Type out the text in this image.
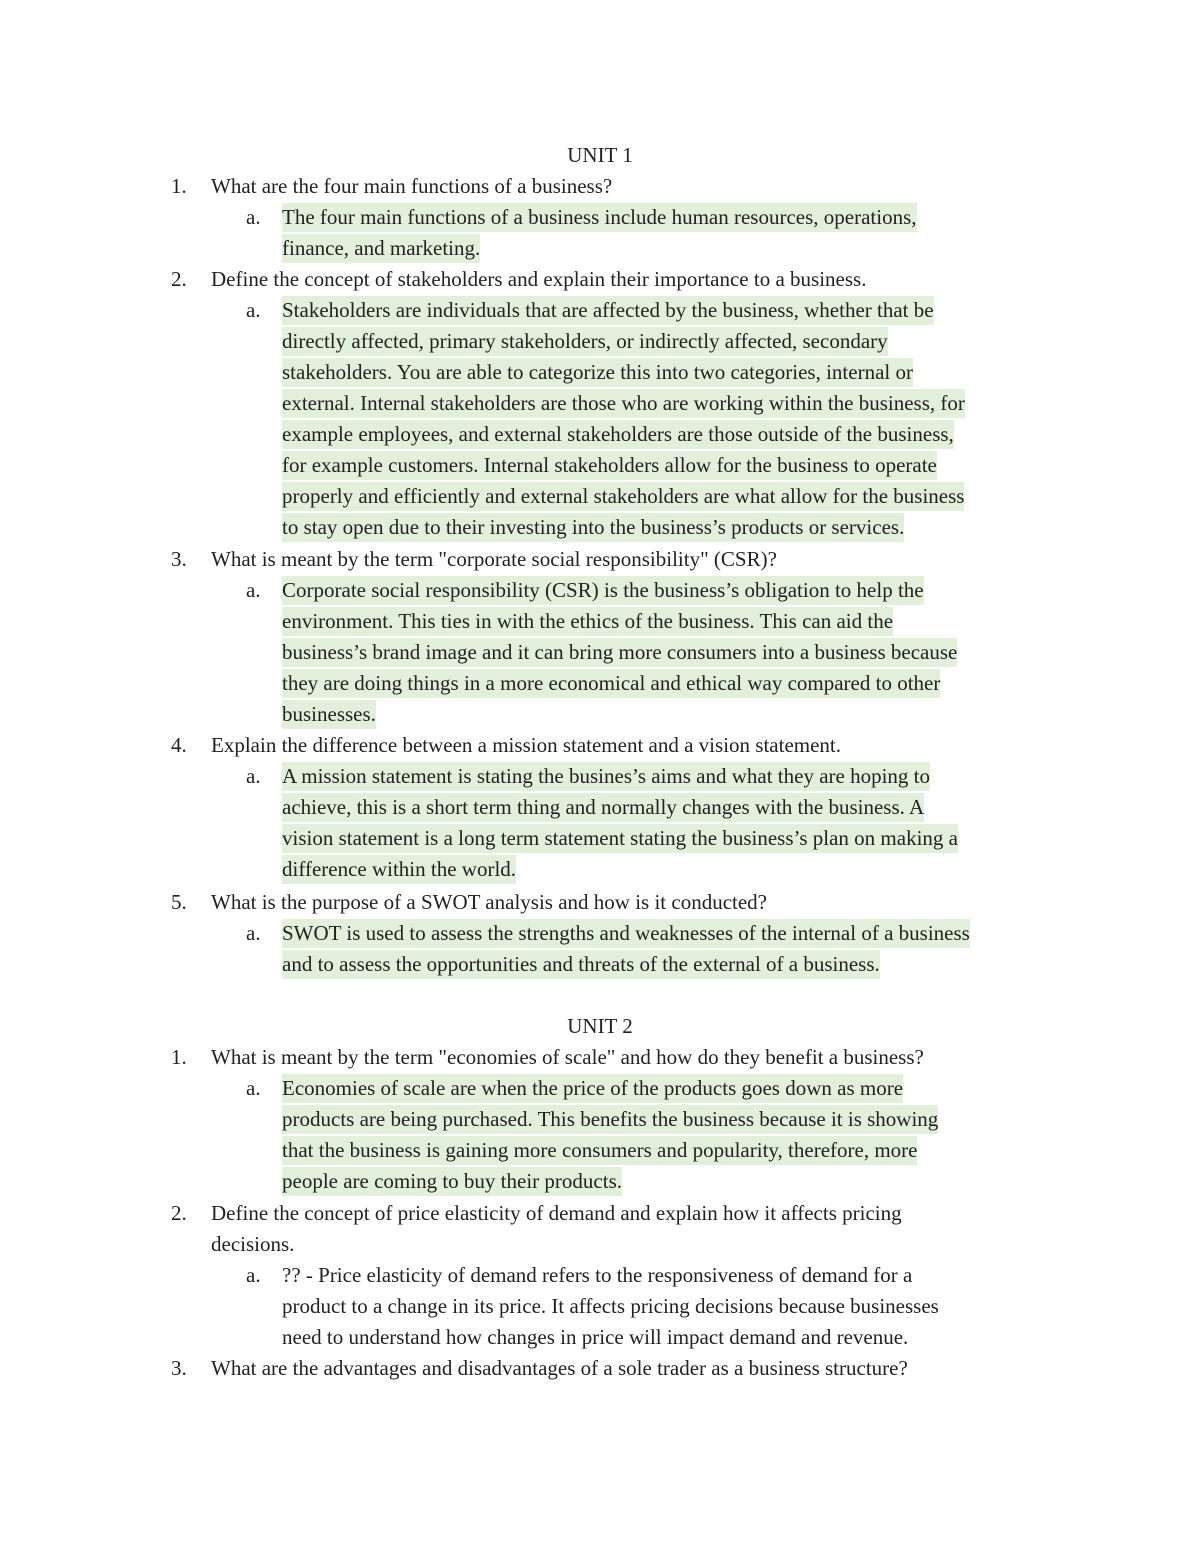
UNIT 1
1.	What are the four main functions of a business?
a.	The four main functions of a business include human resources, operations,
finance, and marketing.
2.	Define the concept of stakeholders and explain their importance to a business.
a.	Stakeholders are individuals that are affected by the business, whether that be
directly affected, primary stakeholders, or indirectly affected, secondary
stakeholders. You are able to categorize this into two categories, internal or
external. Internal stakeholders are those who are working within the business, for
example employees, and external stakeholders are those outside of the business,
for example customers. Internal stakeholders allow for the business to operate
properly and efficiently and external stakeholders are what allow for the business
to stay open due to their investing into the business’s products or services.
3.	What is meant by the term "corporate social responsibility" (CSR)?
a.	Corporate social responsibility (CSR) is the business’s obligation to help the
environment. This ties in with the ethics of the business. This can aid the
business’s brand image and it can bring more consumers into a business because
they are doing things in a more economical and ethical way compared to other
businesses.
4.	Explain the difference between a mission statement and a vision statement.
a.	A mission statement is stating the busines’s aims and what they are hoping to
achieve, this is a short term thing and normally changes with the business. A
vision statement is a long term statement stating the business’s plan on making a
difference within the world.
5.	What is the purpose of a SWOT analysis and how is it conducted?
a.	SWOT is used to assess the strengths and weaknesses of the internal of a business
and to assess the opportunities and threats of the external of a business.
UNIT 2
1.	What is meant by the term "economies of scale" and how do they benefit a business?
a.	Economies of scale are when the price of the products goes down as more
products are being purchased. This benefits the business because it is showing
that the business is gaining more consumers and popularity, therefore, more
people are coming to buy their products.
2.	Define the concept of price elasticity of demand and explain how it affects pricing
decisions.
a.	?? - Price elasticity of demand refers to the responsiveness of demand for a
product to a change in its price. It affects pricing decisions because businesses
need to understand how changes in price will impact demand and revenue.
3.	What are the advantages and disadvantages of a sole trader as a business structure?
